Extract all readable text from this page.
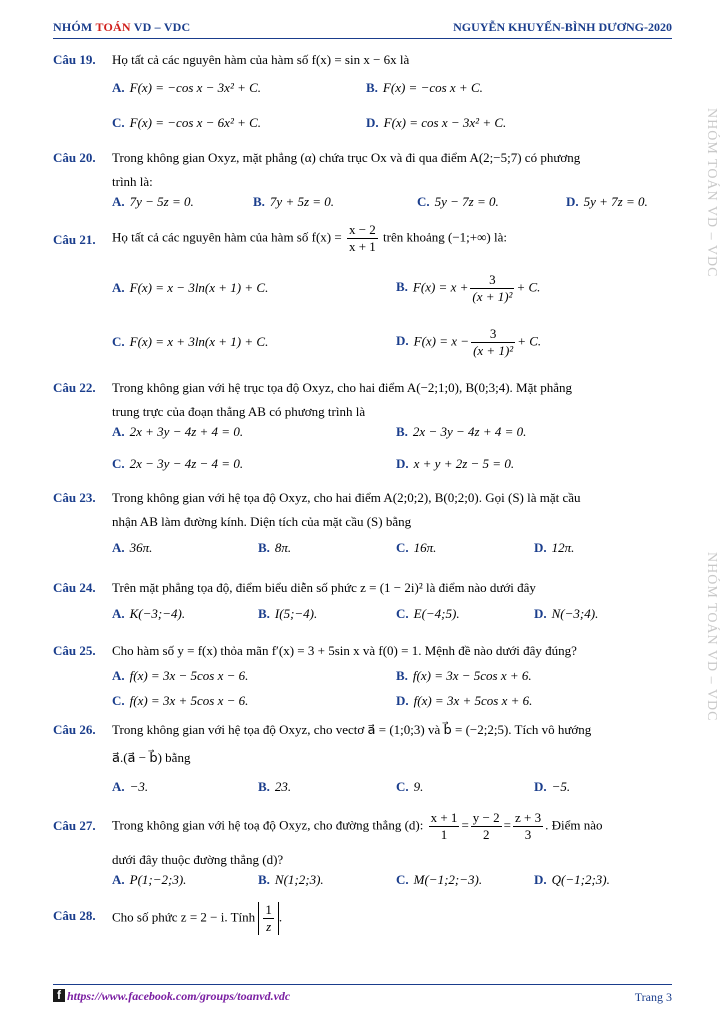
NHÓM TOÁN VD – VDC	NGUYỄN KHUYẾN-BÌNH DƯƠNG-2020
NHÓM TOÁN VD – VDC
NHÓM TOÁN VD – VDC
Câu 19. Họ tất cả các nguyên hàm của hàm số f(x) = sin x − 6x là
A. F(x) = −cos x − 3x² + C.	B. F(x) = −cos x + C.
C. F(x) = −cos x − 6x² + C.	D. F(x) = cos x − 3x² + C.
Câu 20. Trong không gian Oxyz, mặt phẳng (α) chứa trục Ox và đi qua điểm A(2;−5;7) có phương
trình là:
A. 7y − 5z = 0.	B. 7y + 5z = 0.	C. 5y − 7z = 0.	D. 5y + 7z = 0.
Câu 21. Họ tất cả các nguyên hàm của hàm số $f(x) = \frac{x - 2}{x + 1}$ trên khoảng (−1;+∞) là:
A. F(x) = x − 3ln(x + 1) + C.	B. $F(x) = x + \frac{3}{\text{(x + 1)²}} + C$.
C. F(x) = x + 3ln(x + 1) + C.	D. $F(x) = x - \frac{3}{\text{(x + 1)²}} + C$.
Câu 22. Trong không gian với hệ trục tọa độ Oxyz, cho hai điểm A(−2;1;0), B(0;3;4). Mặt phẳng
trung trực của đoạn thẳng AB có phương trình là
A. 2x + 3y − 4z + 4 = 0.	B. 2x − 3y − 4z + 4 = 0.
C. 2x − 3y − 4z − 4 = 0.	D. x + y + 2z − 5 = 0.
Câu 23. Trong không gian với hệ tọa độ Oxyz, cho hai điểm A(2;0;2), B(0;2;0). Gọi (S) là mặt cầu
nhận AB làm đường kính. Diện tích của mặt cầu (S) bằng
A. 36π.	B. 8π.	C. 16π.	D. 12π.
Câu 24. Trên mặt phẳng tọa độ, điểm biểu diễn số phức z = (1 − 2i)² là điểm nào dưới đây
A. K(−3;−4).	B. I(5;−4).	C. E(−4;5).	D. N(−3;4).
Câu 25. Cho hàm số y = f(x) thỏa mãn f′(x) = 3 + 5sin x và f(0) = 1. Mệnh đề nào dưới đây đúng?
A. f(x) = 3x − 5cos x − 6.	B. f(x) = 3x − 5cos x + 6.
C. f(x) = 3x + 5cos x − 6.	D. f(x) = 3x + 5cos x + 6.
Câu 26. Trong không gian với hệ tọa độ Oxyz, cho vectơ a⃗ = (1;0;3) và b⃗ = (−2;2;5). Tích vô hướng
a⃗.(a⃗ − b⃗) bằng
A. −3.	B. 23.	C. 9.	D. −5.
Câu 27. Trong không gian với hệ toạ độ Oxyz, cho đường thẳng (d): $\frac{x + 1}{1} = \frac{y - 2}{2} = \frac{z + 3}{3}$ . Điểm nào
dưới đây thuộc đường thẳng (d)?
A. P(1;−2;3).	B. N(1;2;3).	C. M(−1;2;−3).	D. Q(−1;2;3).
Câu 28. Cho số phức z = 2 − i. Tính $\frac{1}{z}$ .
f https://www.facebook.com/groups/toanvd.vdc	Trang 3
